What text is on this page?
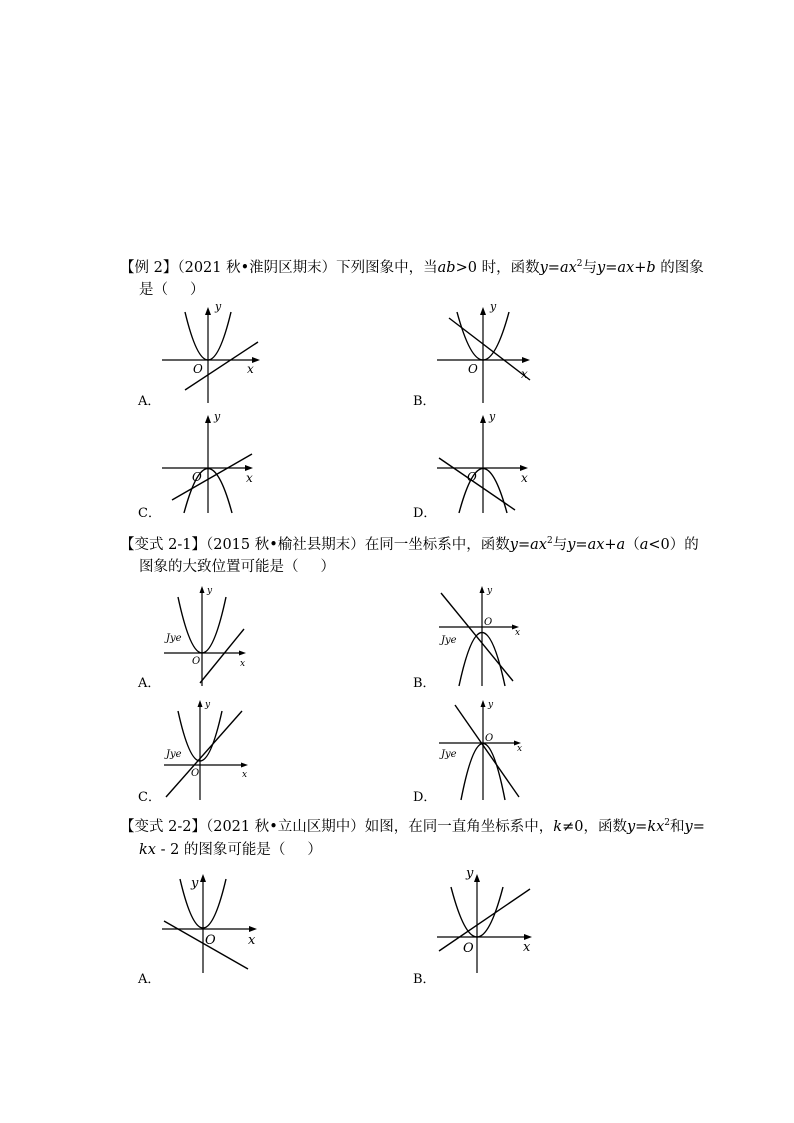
【例 2】（2021 秋•淮阴区期末）下列图象中，当ab>0 时，函数$y=ax^2$与y=ax+b 的图象
是（ ）
y
x
O
A．
y
x
O
B．
y
x
O
C．
y
x
O
D．
【变式 2-1】（2015 秋•榆社县期末）在同一坐标系中，函数$y=ax^2$与y=ax+a（a<0）的
图象的大致位置可能是（ ）
y
x
O
Jye
A．
y
x
O
Jye
B．
y
x
O
Jye
C．
y
x
O
Jye
D．
【变式 2-2】（2021 秋•立山区期中）如图，在同一直角坐标系中，k≠0，函数$y=kx^2$和y=
kx - 2 的图象可能是（ ）
y
x
O
A．
y
x
O
B．
